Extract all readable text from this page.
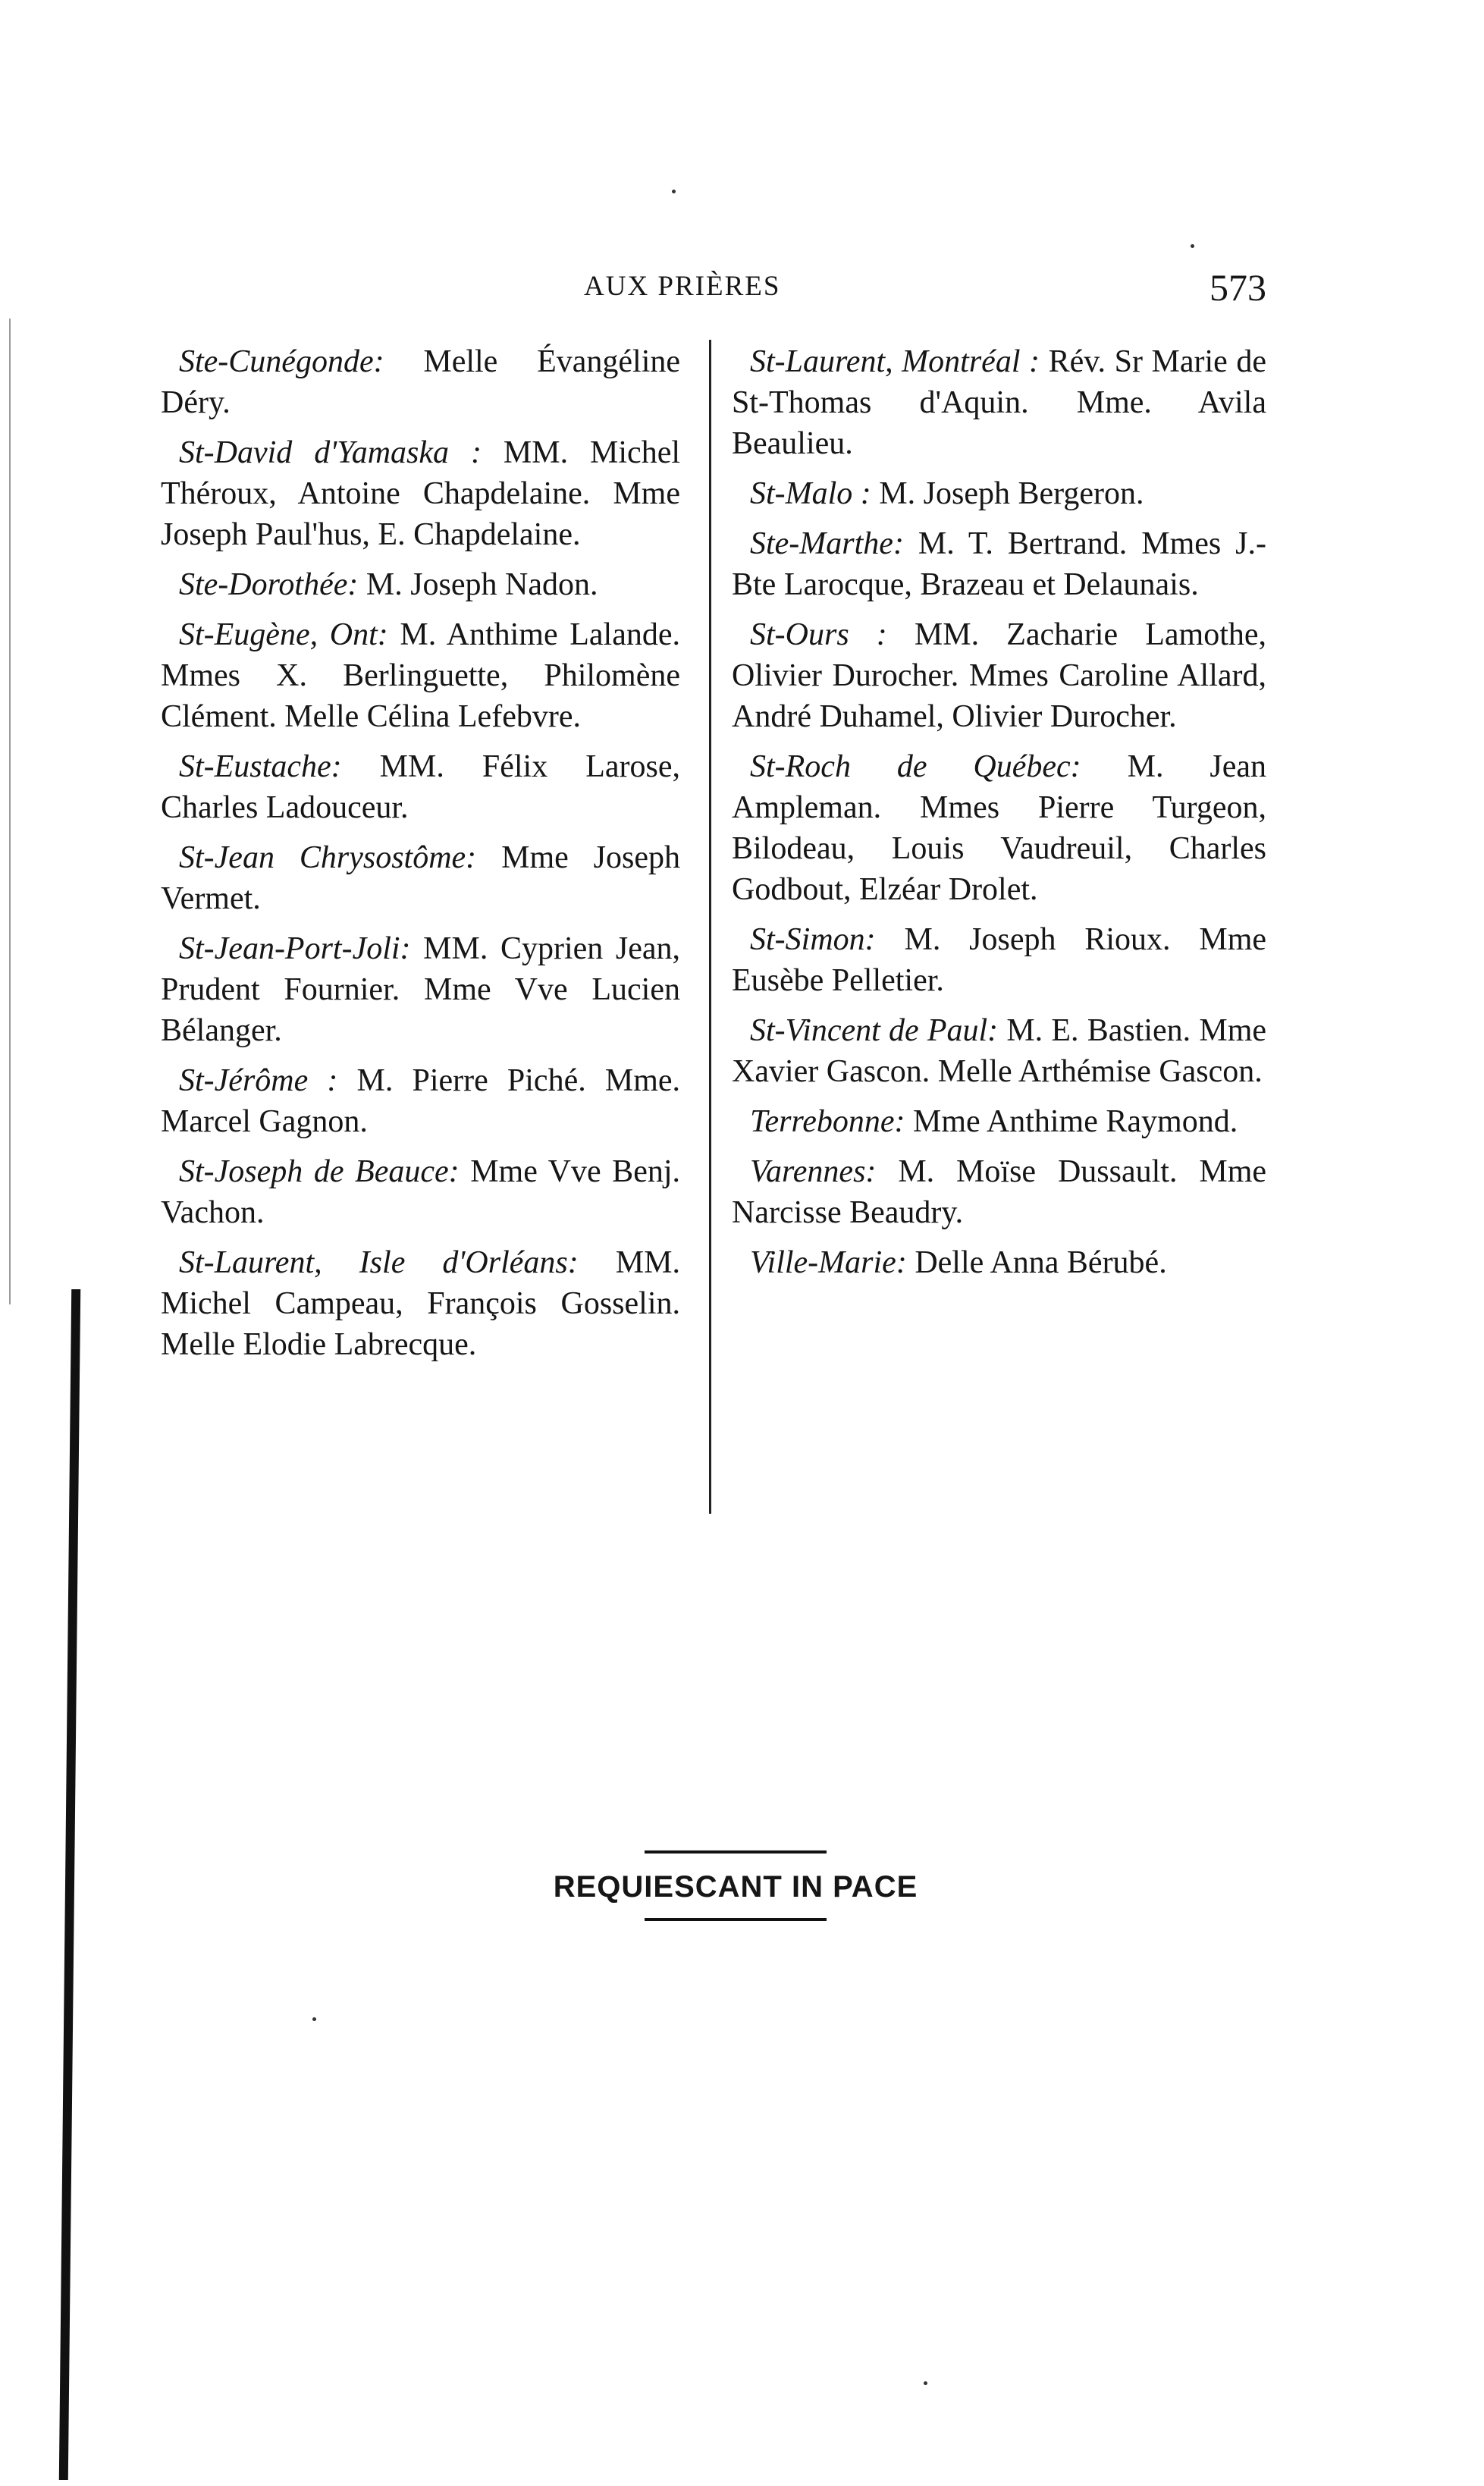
AUX PRIÈRES	573

Ste-Cunégonde: Melle Évangéline Déry.

St-David d'Yamaska : MM. Michel Théroux, Antoine Chapdelaine. Mme Joseph Paul'hus, E. Chapdelaine.

Ste-Dorothée: M. Joseph Nadon.

St-Eugène, Ont: M. Anthime Lalande. Mmes X. Berlinguette, Philomène Clément. Melle Célina Lefebvre.

St-Eustache: MM. Félix Larose, Charles Ladouceur.

St-Jean Chrysostôme: Mme Joseph Vermet.

St-Jean-Port-Joli: MM. Cyprien Jean, Prudent Fournier. Mme Vve Lucien Bélanger.

St-Jérôme : M. Pierre Piché. Mme. Marcel Gagnon.

St-Joseph de Beauce: Mme Vve Benj. Vachon.

St-Laurent, Isle d'Orléans: MM. Michel Campeau, François Gosselin. Melle Elodie Labrecque.

St-Laurent, Montréal : Rév. Sr Marie de St-Thomas d'Aquin. Mme. Avila Beaulieu.

St-Malo : M. Joseph Bergeron.

Ste-Marthe: M. T. Bertrand. Mmes J.-Bte Larocque, Brazeau et Delaunais.

St-Ours : MM. Zacharie Lamothe, Olivier Durocher. Mmes Caroline Allard, André Duhamel, Olivier Durocher.

St-Roch de Québec: M. Jean Ampleman. Mmes Pierre Turgeon, Bilodeau, Louis Vaudreuil, Charles Godbout, Elzéar Drolet.

St-Simon: M. Joseph Rioux. Mme Eusèbe Pelletier.

St-Vincent de Paul: M. E. Bastien. Mme Xavier Gascon. Melle Arthémise Gascon.

Terrebonne: Mme Anthime Raymond.

Varennes: M. Moïse Dussault. Mme Narcisse Beaudry.

Ville-Marie: Delle Anna Bérubé.

REQUIESCANT IN PACE
